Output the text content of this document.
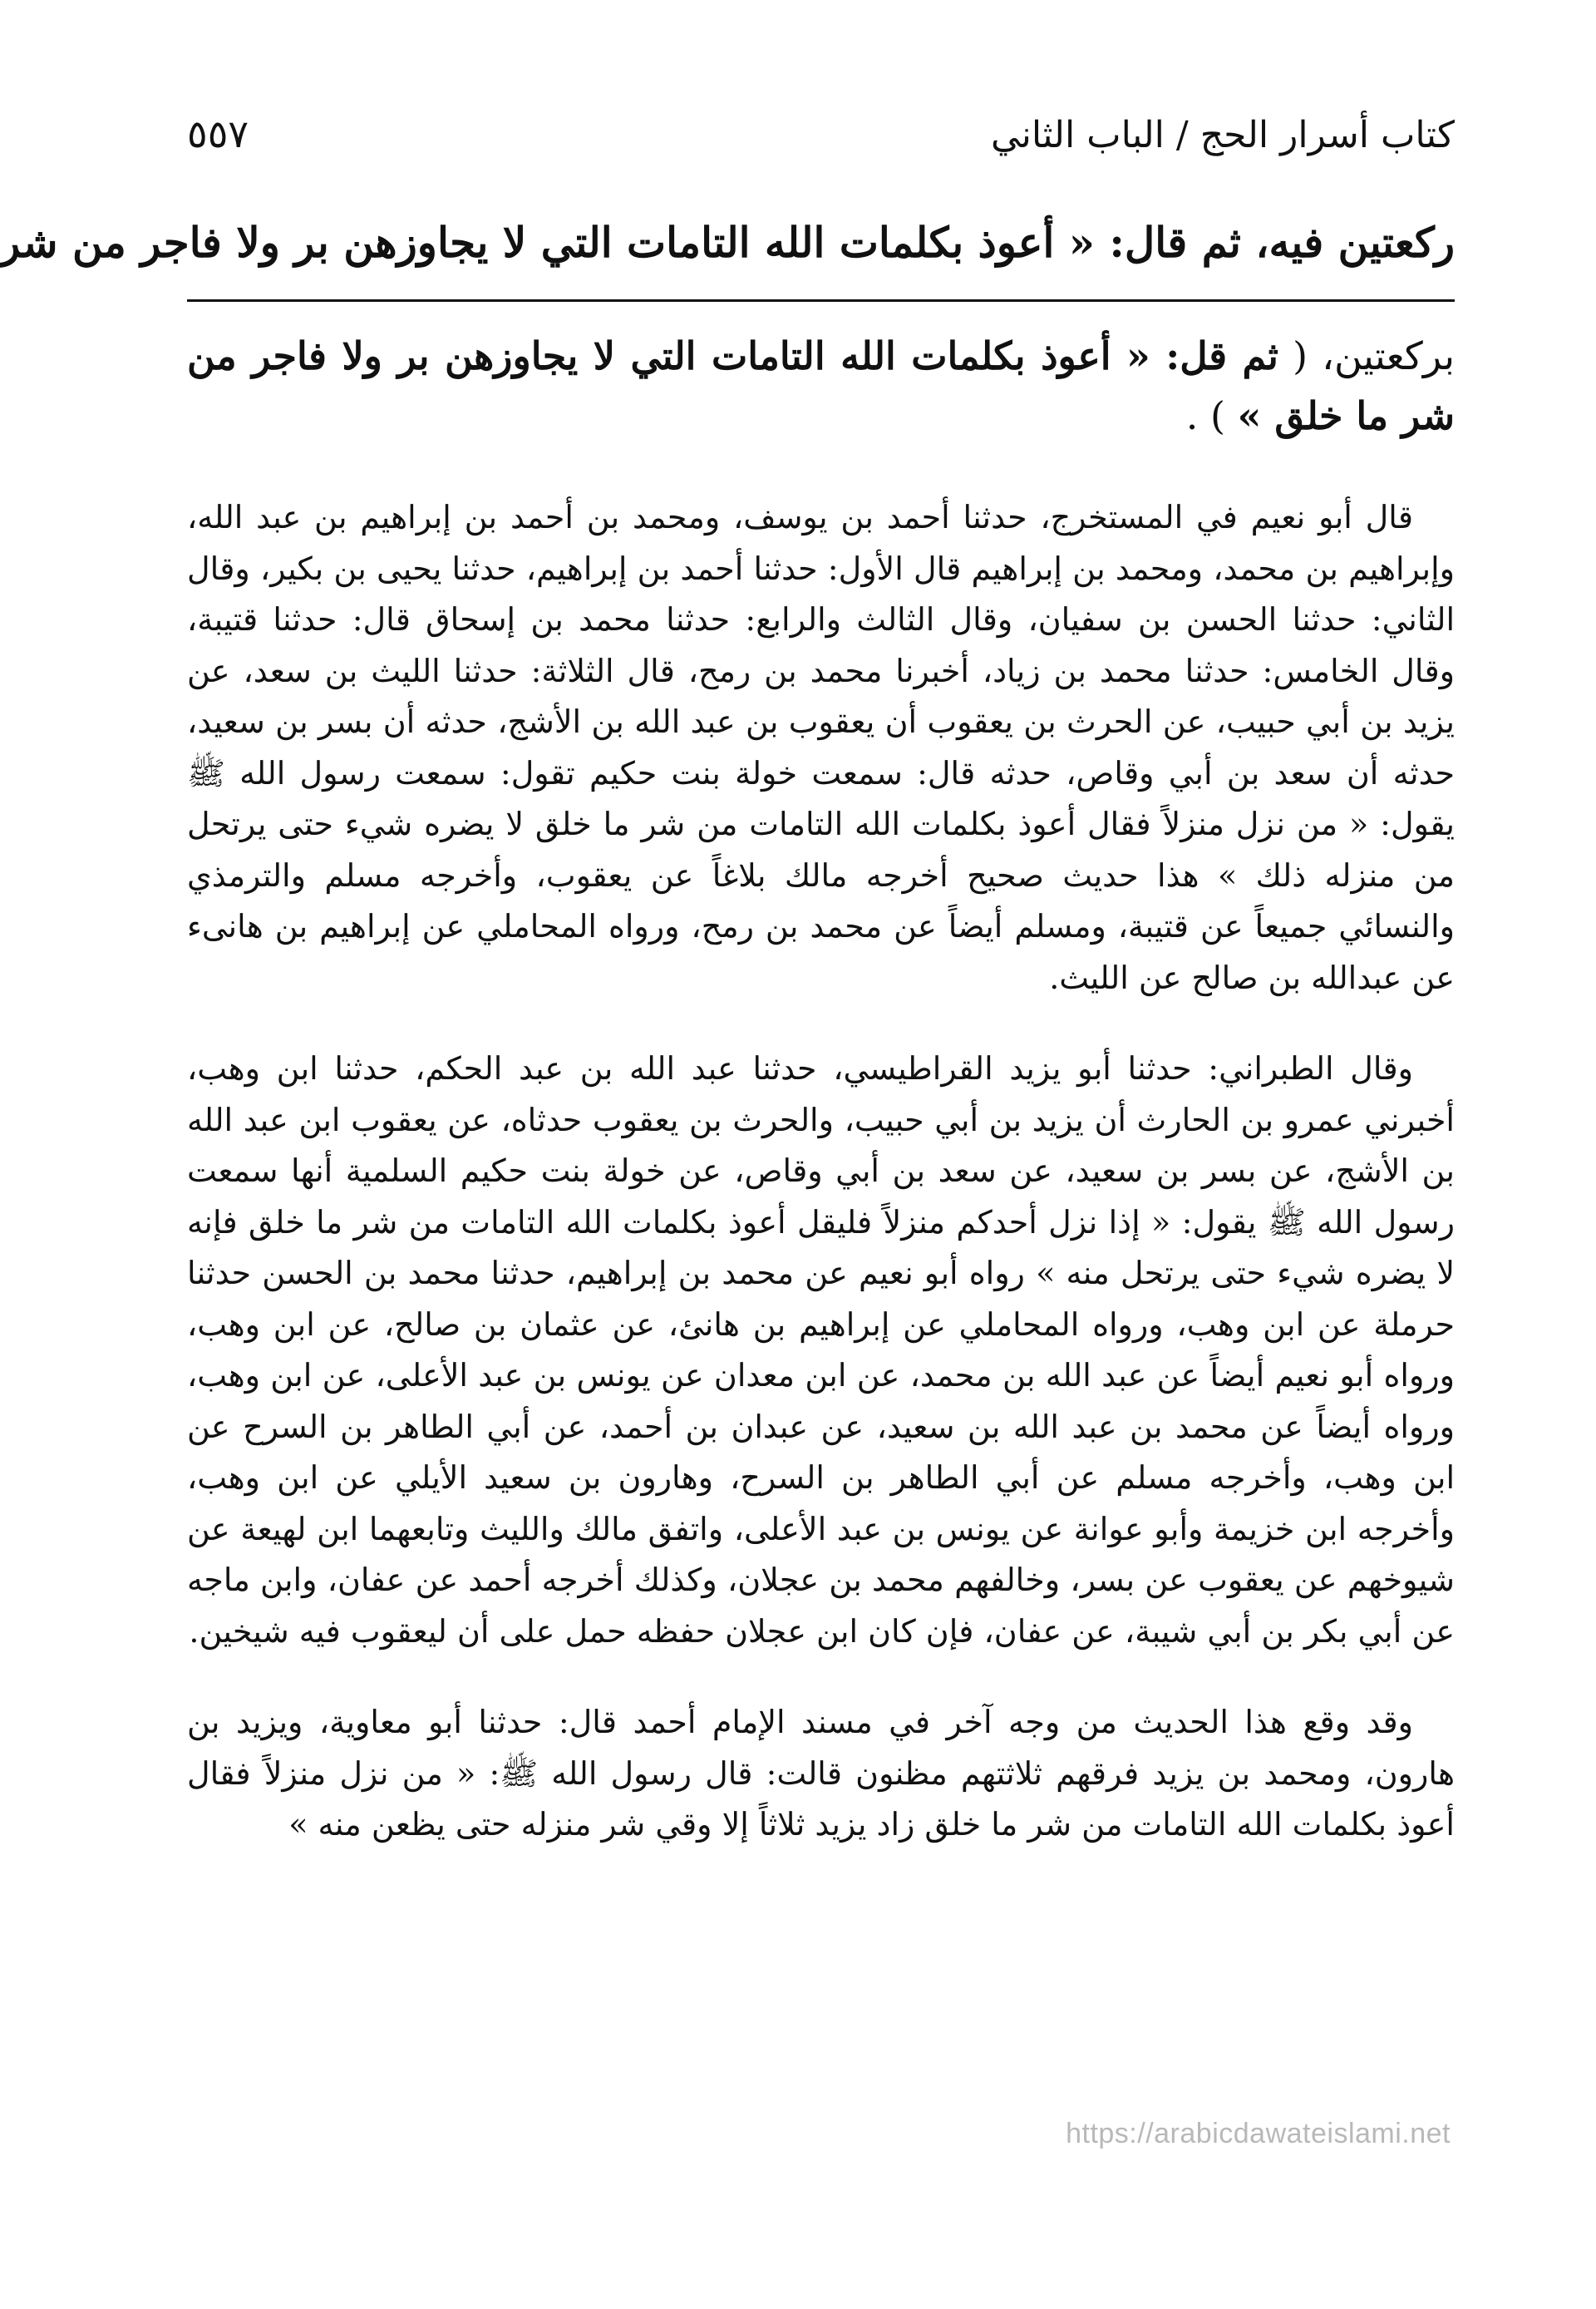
كتاب أسرار الحج / الباب الثاني
٥٥٧
ركعتين فيه، ثم قال: « أعوذ بكلمات الله التامات التي لا يجاوزهن بر ولا فاجر من شر
بركعتين، ( ثم قل: « أعوذ بكلمات الله التامات التي لا يجاوزهن بر ولا فاجر من شر ما خلق » ) .

قال أبو نعيم في المستخرج، حدثنا أحمد بن يوسف، ومحمد بن أحمد بن إبراهيم بن عبد الله، وإبراهيم بن محمد، ومحمد بن إبراهيم قال الأول: حدثنا أحمد بن إبراهيم، حدثنا يحيى بن بكير، وقال الثاني: حدثنا الحسن بن سفيان، وقال الثالث والرابع: حدثنا محمد بن إسحاق قال: حدثنا قتيبة، وقال الخامس: حدثنا محمد بن زياد، أخبرنا محمد بن رمح، قال الثلاثة: حدثنا الليث بن سعد، عن يزيد بن أبي حبيب، عن الحرث بن يعقوب أن يعقوب بن عبد الله بن الأشج، حدثه أن بسر بن سعيد، حدثه أن سعد بن أبي وقاص، حدثه قال: سمعت خولة بنت حكيم تقول: سمعت رسول الله ﷺ يقول: « من نزل منزلاً فقال أعوذ بكلمات الله التامات من شر ما خلق لا يضره شيء حتى يرتحل من منزله ذلك » هذا حديث صحيح أخرجه مالك بلاغاً عن يعقوب، وأخرجه مسلم والترمذي والنسائي جميعاً عن قتيبة، ومسلم أيضاً عن محمد بن رمح، ورواه المحاملي عن إبراهيم بن هانىء عن عبدالله بن صالح عن الليث.

وقال الطبراني: حدثنا أبو يزيد القراطيسي، حدثنا عبد الله بن عبد الحكم، حدثنا ابن وهب، أخبرني عمرو بن الحارث أن يزيد بن أبي حبيب، والحرث بن يعقوب حدثاه، عن يعقوب ابن عبد الله بن الأشج، عن بسر بن سعيد، عن سعد بن أبي وقاص، عن خولة بنت حكيم السلمية أنها سمعت رسول الله ﷺ يقول: « إذا نزل أحدكم منزلاً فليقل أعوذ بكلمات الله التامات من شر ما خلق فإنه لا يضره شيء حتى يرتحل منه » رواه أبو نعيم عن محمد بن إبراهيم، حدثنا محمد بن الحسن حدثنا حرملة عن ابن وهب، ورواه المحاملي عن إبراهيم بن هانئ، عن عثمان بن صالح، عن ابن وهب، ورواه أبو نعيم أيضاً عن عبد الله بن محمد، عن ابن معدان عن يونس بن عبد الأعلى، عن ابن وهب، ورواه أيضاً عن محمد بن عبد الله بن سعيد، عن عبدان بن أحمد، عن أبي الطاهر بن السرح عن ابن وهب، وأخرجه مسلم عن أبي الطاهر بن السرح، وهارون بن سعيد الأيلي عن ابن وهب، وأخرجه ابن خزيمة وأبو عوانة عن يونس بن عبد الأعلى، واتفق مالك والليث وتابعهما ابن لهيعة عن شيوخهم عن يعقوب عن بسر، وخالفهم محمد بن عجلان، وكذلك أخرجه أحمد عن عفان، وابن ماجه عن أبي بكر بن أبي شيبة، عن عفان، فإن كان ابن عجلان حفظه حمل على أن ليعقوب فيه شيخين.

وقد وقع هذا الحديث من وجه آخر في مسند الإمام أحمد قال: حدثنا أبو معاوية، ويزيد بن هارون، ومحمد بن يزيد فرقهم ثلاثتهم مظنون قالت: قال رسول الله ﷺ: « من نزل منزلاً فقال أعوذ بكلمات الله التامات من شر ما خلق زاد يزيد ثلاثاً إلا وقي شر منزله حتى يظعن منه »

https://arabicdawateislami.net
